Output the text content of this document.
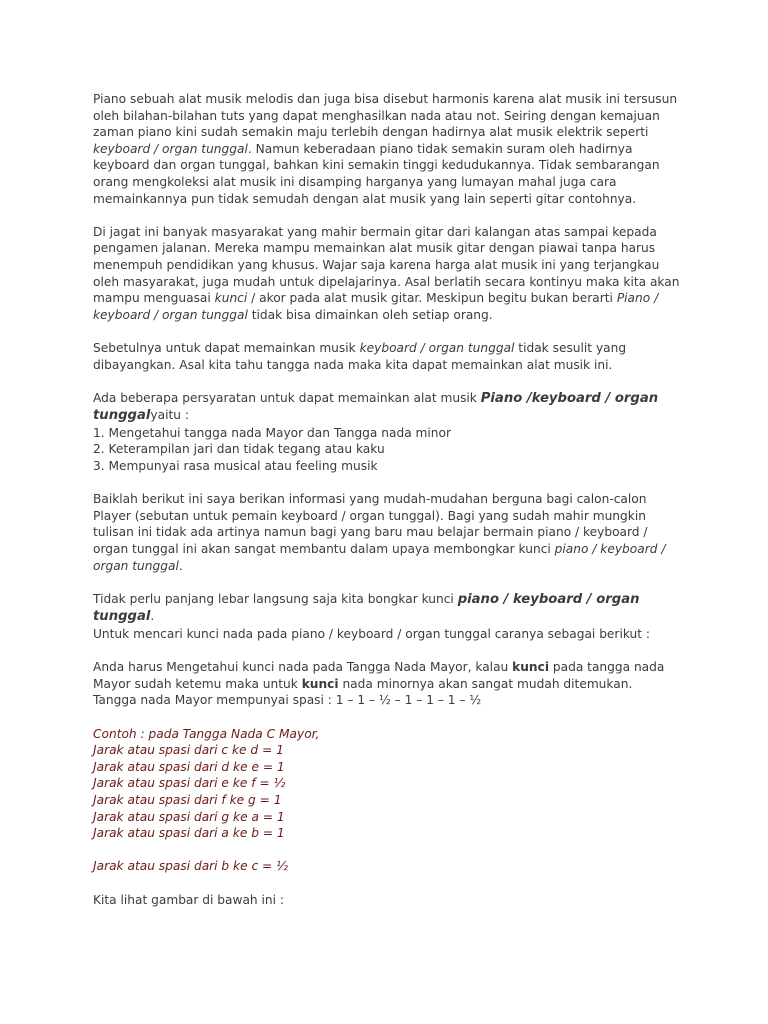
Piano sebuah alat musik melodis dan juga bisa disebut harmonis karena alat musik ini tersusun oleh bilahan-bilahan tuts yang dapat menghasilkan nada atau not. Seiring dengan kemajuan zaman piano kini sudah semakin maju terlebih dengan hadirnya alat musik elektrik seperti keyboard / organ tunggal. Namun keberadaan piano tidak semakin suram oleh hadirnya keyboard dan organ tunggal, bahkan kini semakin tinggi kedudukannya. Tidak sembarangan orang mengkoleksi alat musik ini disamping harganya yang lumayan mahal juga cara memainkannya pun tidak semudah dengan alat musik yang lain seperti gitar contohnya.

Di jagat ini banyak masyarakat yang mahir bermain gitar dari kalangan atas sampai kepada pengamen jalanan. Mereka mampu memainkan alat musik gitar dengan piawai tanpa harus menempuh pendidikan yang khusus. Wajar saja karena harga alat musik ini yang terjangkau oleh masyarakat, juga mudah untuk dipelajarinya. Asal berlatih secara kontinyu maka kita akan mampu menguasai kunci / akor pada alat musik gitar. Meskipun begitu bukan berarti Piano / keyboard / organ tunggal tidak bisa dimainkan oleh setiap orang.

Sebetulnya untuk dapat memainkan musik keyboard / organ tunggal tidak sesulit yang dibayangkan. Asal kita tahu tangga nada maka kita dapat memainkan alat musik ini.

Ada beberapa persyaratan untuk dapat memainkan alat musik Piano /keyboard / organ tunggalyaitu :
1. Mengetahui tangga nada Mayor dan Tangga nada minor
2. Keterampilan jari dan tidak tegang atau kaku
3. Mempunyai rasa musical atau feeling musik

Baiklah berikut ini saya berikan informasi yang mudah-mudahan berguna bagi calon-calon Player (sebutan untuk pemain keyboard / organ tunggal). Bagi yang sudah mahir mungkin tulisan ini tidak ada artinya namun bagi yang baru mau belajar bermain piano / keyboard / organ tunggal ini akan sangat membantu dalam upaya membongkar kunci piano / keyboard / organ tunggal.

Tidak perlu panjang lebar langsung saja kita bongkar kunci piano / keyboard / organ tunggal.
Untuk mencari kunci nada pada piano / keyboard / organ tunggal caranya sebagai berikut :
Anda harus Mengetahui kunci nada pada Tangga Nada Mayor, kalau kunci pada tangga nada Mayor sudah ketemu maka untuk kunci nada minornya akan sangat mudah ditemukan.
Tangga nada Mayor mempunyai spasi : 1 – 1 – ½ – 1 – 1 – 1 – ½
Contoh : pada Tangga Nada C Mayor,
Jarak atau spasi dari c ke d = 1
Jarak atau spasi dari d ke e = 1
Jarak atau spasi dari e ke f = ½
Jarak atau spasi dari f ke g = 1
Jarak atau spasi dari g ke a = 1
Jarak atau spasi dari a ke b = 1
Jarak atau spasi dari b ke c = ½

Kita lihat gambar di bawah ini :
